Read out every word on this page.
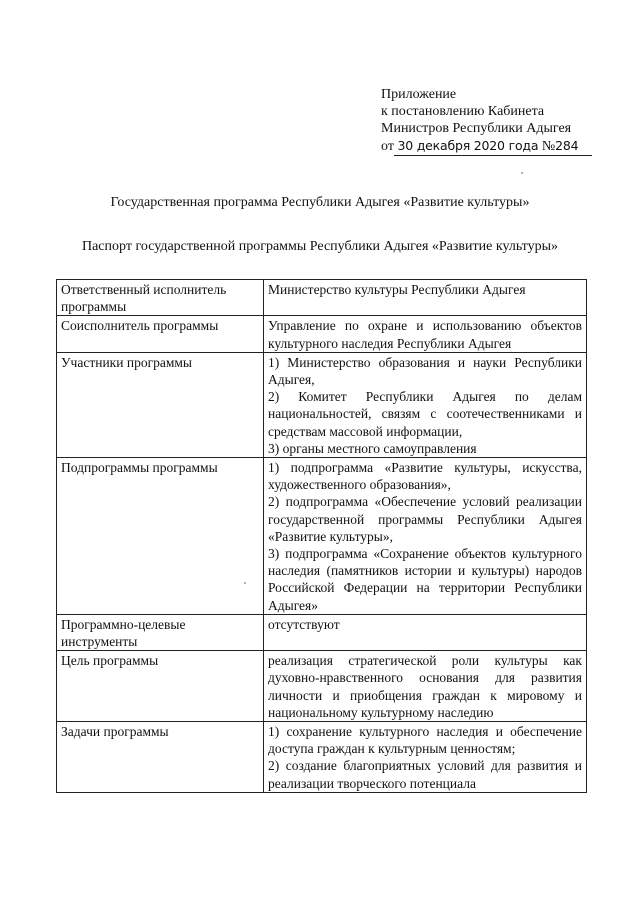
Приложение
к постановлению Кабинета
Министров Республики Адыгея
от 30 декабря 2020 года №284
Государственная программа Республики Адыгея «Развитие культуры»
Паспорт государственной программы Республики Адыгея «Развитие культуры»
Ответственный исполнитель программы	Министерство культуры Республики Адыгея

Соисполнитель программы	Управление по охране и использованию объектов культурного наследия Республики Адыгея

Участники программы	1) Министерство образования и науки Республики Адыгея,
2) Комитет Республики Адыгея по делам национальностей, связям с соотечественниками и средствам массовой информации,
3) органы местного самоуправления

Подпрограммы программы	1) подпрограмма «Развитие культуры, искусства, художественного образования»,
2) подпрограмма «Обеспечение условий реализации государственной программы Республики Адыгея «Развитие культуры»,
3) подпрограмма «Сохранение объектов культурного наследия (памятников истории и культуры) народов Российской Федерации на территории Республики Адыгея»

Программно-целевые инструменты	отсутствуют

Цель программы	реализация стратегической роли культуры как духовно-нравственного основания для развития личности и приобщения граждан к мировому и национальному культурному наследию

Задачи программы	1) сохранение культурного наследия и обеспечение доступа граждан к культурным ценностям;
2) создание благоприятных условий для развития и реализации творческого потенциала
